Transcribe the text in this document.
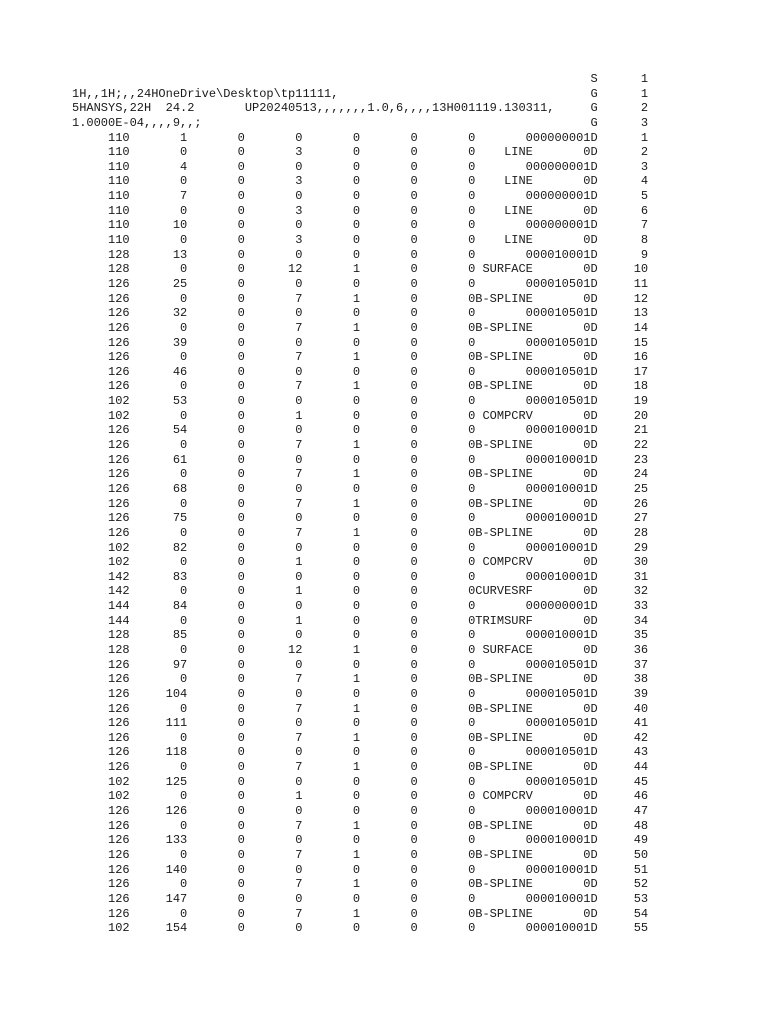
S      1
1H,,1H;,,24HOneDrive\Desktop\tp11111,                                   G      1
5HANSYS,22H  24.2       UP20240513,,,,,,,1.0,6,,,,13H001119.130311,     G      2
1.0000E-04,,,,9,,;                                                      G      3
110       1       0       0       0       0       0       000000001D      1
110       0       0       3       0       0       0    LINE       0D      2
110       4       0       0       0       0       0       000000001D      3
110       0       0       3       0       0       0    LINE       0D      4
110       7       0       0       0       0       0       000000001D      5
110       0       0       3       0       0       0    LINE       0D      6
110      10       0       0       0       0       0       000000001D      7
110       0       0       3       0       0       0    LINE       0D      8
128      13       0       0       0       0       0       000010001D      9
128       0       0      12       1       0       0 SURFACE       0D     10
126      25       0       0       0       0       0       000010501D     11
126       0       0       7       1       0       0B-SPLINE       0D     12
126      32       0       0       0       0       0       000010501D     13
126       0       0       7       1       0       0B-SPLINE       0D     14
126      39       0       0       0       0       0       000010501D     15
126       0       0       7       1       0       0B-SPLINE       0D     16
126      46       0       0       0       0       0       000010501D     17
126       0       0       7       1       0       0B-SPLINE       0D     18
102      53       0       0       0       0       0       000010501D     19
102       0       0       1       0       0       0 COMPCRV       0D     20
126      54       0       0       0       0       0       000010001D     21
126       0       0       7       1       0       0B-SPLINE       0D     22
126      61       0       0       0       0       0       000010001D     23
126       0       0       7       1       0       0B-SPLINE       0D     24
126      68       0       0       0       0       0       000010001D     25
126       0       0       7       1       0       0B-SPLINE       0D     26
126      75       0       0       0       0       0       000010001D     27
126       0       0       7       1       0       0B-SPLINE       0D     28
102      82       0       0       0       0       0       000010001D     29
102       0       0       1       0       0       0 COMPCRV       0D     30
142      83       0       0       0       0       0       000010001D     31
142       0       0       1       0       0       0CURVESRF       0D     32
144      84       0       0       0       0       0       000000001D     33
144       0       0       1       0       0       0TRIMSURF       0D     34
128      85       0       0       0       0       0       000010001D     35
128       0       0      12       1       0       0 SURFACE       0D     36
126      97       0       0       0       0       0       000010501D     37
126       0       0       7       1       0       0B-SPLINE       0D     38
126     104       0       0       0       0       0       000010501D     39
126       0       0       7       1       0       0B-SPLINE       0D     40
126     111       0       0       0       0       0       000010501D     41
126       0       0       7       1       0       0B-SPLINE       0D     42
126     118       0       0       0       0       0       000010501D     43
126       0       0       7       1       0       0B-SPLINE       0D     44
102     125       0       0       0       0       0       000010501D     45
102       0       0       1       0       0       0 COMPCRV       0D     46
126     126       0       0       0       0       0       000010001D     47
126       0       0       7       1       0       0B-SPLINE       0D     48
126     133       0       0       0       0       0       000010001D     49
126       0       0       7       1       0       0B-SPLINE       0D     50
126     140       0       0       0       0       0       000010001D     51
126       0       0       7       1       0       0B-SPLINE       0D     52
126     147       0       0       0       0       0       000010001D     53
126       0       0       7       1       0       0B-SPLINE       0D     54
102     154       0       0       0       0       0       000010001D     55
